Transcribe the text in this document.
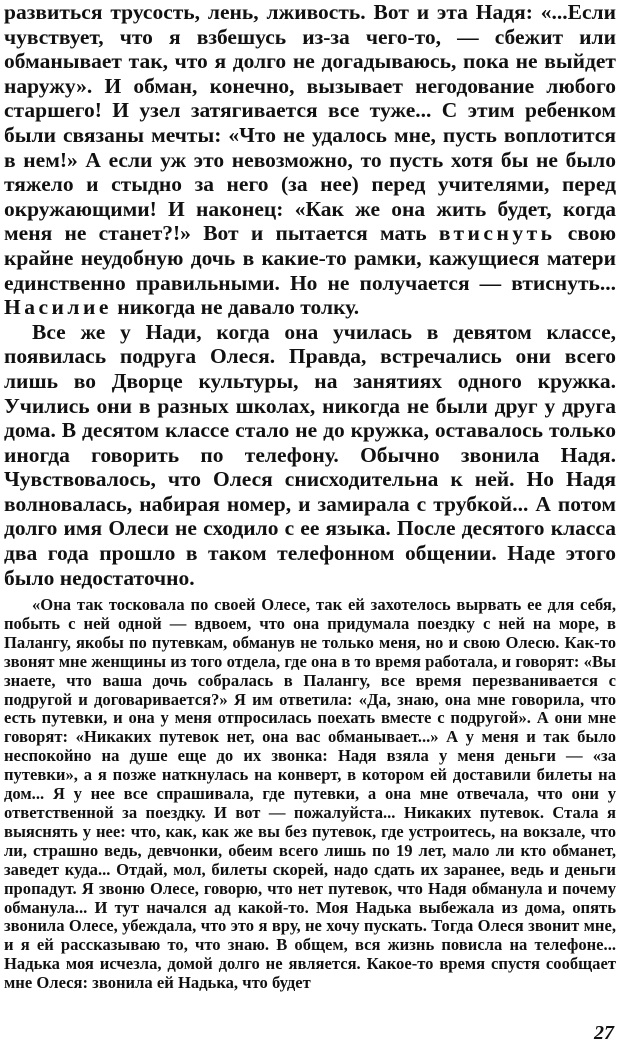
развиться трусость, лень, лживость. Вот и эта Надя: «...Если чувствует, что я взбешусь из-за чего-то, — сбежит или обманывает так, что я долго не догадываюсь, пока не выйдет наружу». И обман, конечно, вызывает негодование любого старшего! И узел затягивается все туже... С этим ребенком были связаны мечты: «Что не удалось мне, пусть воплотится в нем!» А если уж это невозможно, то пусть хотя бы не было тяжело и стыдно за него (за нее) перед учителями, перед окружающими! И наконец: «Как же она жить будет, когда меня не станет?!» Вот и пытается мать втиснуть свою крайне неудобную дочь в какие-то рамки, кажущиеся матери единственно правильными. Но не получается — втиснуть... Насилие никогда не давало толку.

Все же у Нади, когда она училась в девятом классе, появилась подруга Олеся. Правда, встречались они всего лишь во Дворце культуры, на занятиях одного кружка. Учились они в разных школах, никогда не были друг у друга дома. В десятом классе стало не до кружка, оставалось только иногда говорить по телефону. Обычно звонила Надя. Чувствовалось, что Олеся снисходительна к ней. Но Надя волновалась, набирая номер, и замирала с трубкой... А потом долго имя Олеси не сходило с ее языка. После десятого класса два года прошло в таком телефонном общении. Наде этого было недостаточно.

«Она так тосковала по своей Олесе, так ей захотелось вырвать ее для себя, побыть с ней одной — вдвоем, что она придумала поездку с ней на море, в Палангу, якобы по путевкам, обманув не только меня, но и свою Олесю. Как-то звонят мне женщины из того отдела, где она в то время работала, и говорят: «Вы знаете, что ваша дочь собралась в Палангу, все время перезванивается с подругой и договаривается?» Я им ответила: «Да, знаю, она мне говорила, что есть путевки, и она у меня отпросилась поехать вместе с подругой». А они мне говорят: «Никаких путевок нет, она вас обманывает...» А у меня и так было неспокойно на душе еще до их звонка: Надя взяла у меня деньги — «за путевки», а я позже наткнулась на конверт, в котором ей доставили билеты на дом... Я у нее все спрашивала, где путевки, а она мне отвечала, что они у ответственной за поездку. И вот — пожалуйста... Никаких путевок. Стала я выяснять у нее: что, как, как же вы без путевок, где устроитесь, на вокзале, что ли, страшно ведь, девчонки, обеим всего лишь по 19 лет, мало ли кто обманет, заведет куда... Отдай, мол, билеты скорей, надо сдать их заранее, ведь и деньги пропадут. Я звоню Олесе, говорю, что нет путевок, что Надя обманула и почему обманула... И тут начался ад какой-то. Моя Надька выбежала из дома, опять звонила Олесе, убеждала, что это я вру, не хочу пускать. Тогда Олеся звонит мне, и я ей рассказываю то, что знаю. В общем, вся жизнь повисла на телефоне... Надька моя исчезла, домой долго не является. Какое-то время спустя сообщает мне Олеся: звонила ей Надька, что будет

27
